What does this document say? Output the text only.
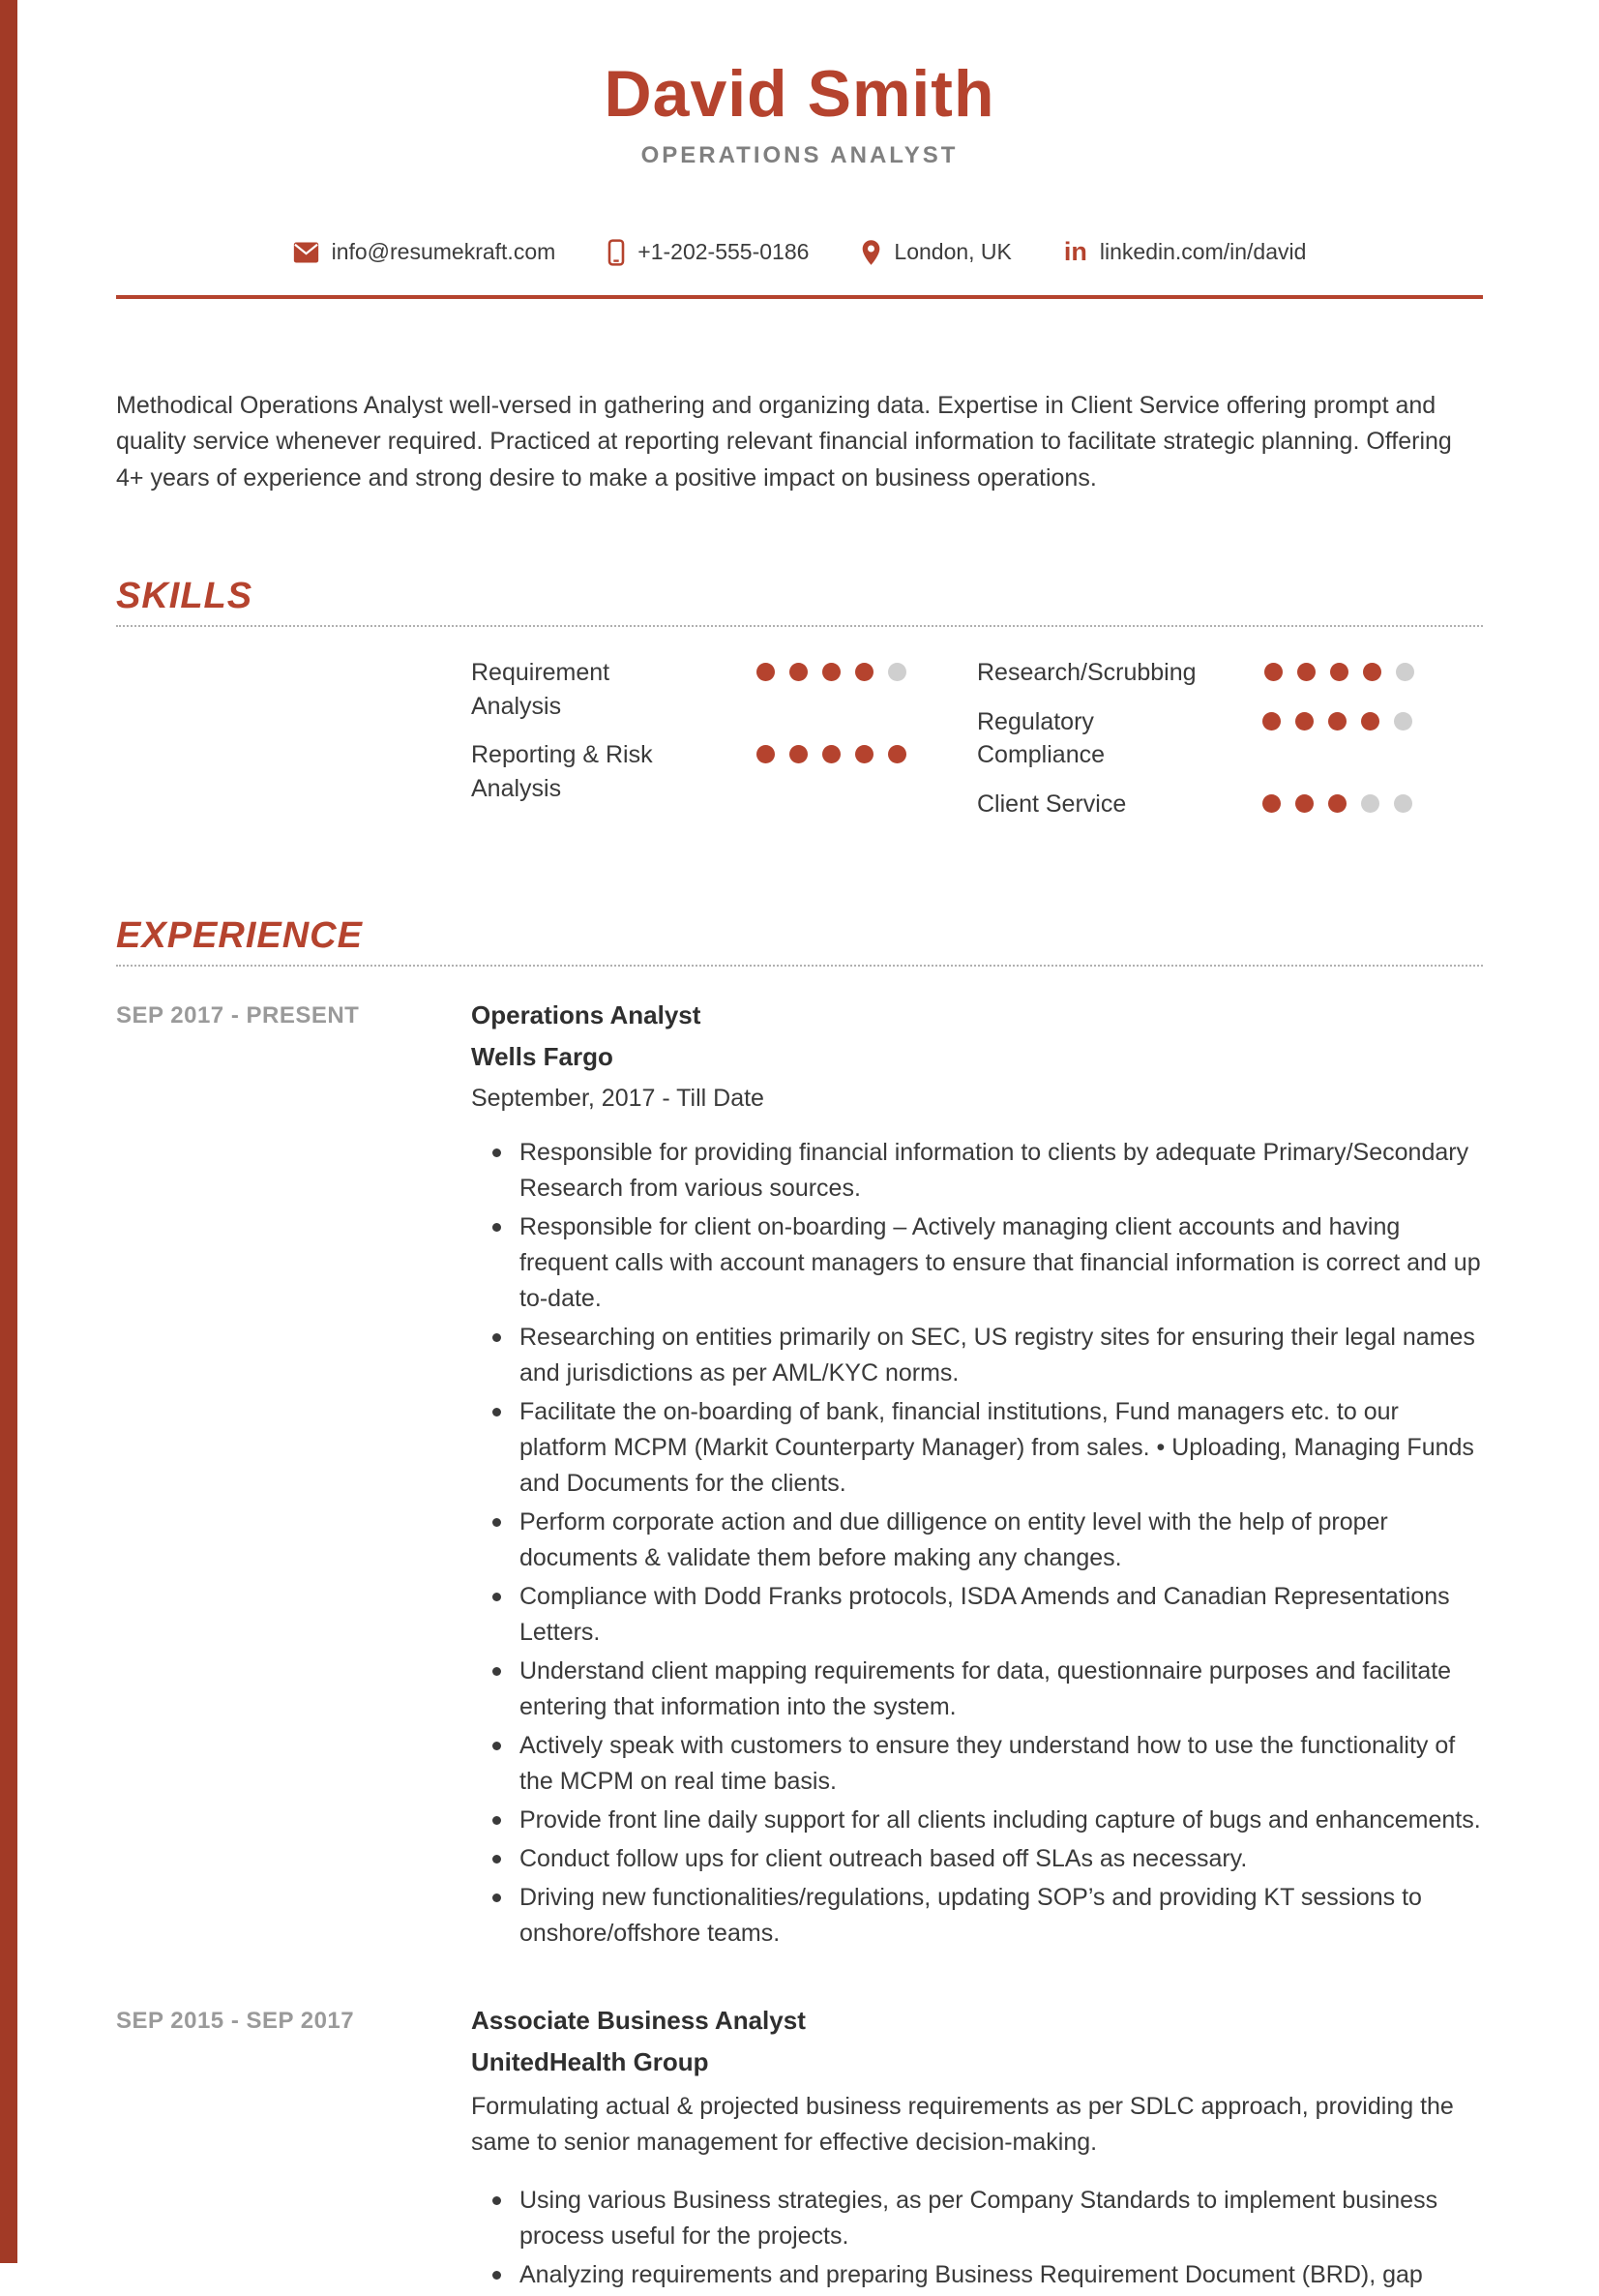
David Smith
OPERATIONS ANALYST
info@resumekraft.com	+1-202-555-0186	London, UK in linkedin.com/in/david

Methodical Operations Analyst well-versed in gathering and organizing data. Expertise in Client Service offering prompt and quality service whenever required. Practiced at reporting relevant financial information to facilitate strategic planning. Offering 4+ years of experience and strong desire to make a positive impact on business operations.

SKILLS
Requirement Analysis
Reporting & Risk Analysis
Research/Scrubbing
Regulatory Compliance
Client Service
EXPERIENCE
SEP 2017 - PRESENT	Operations Analyst
Wells Fargo
September, 2017 - Till Date
Responsible for providing financial information to clients by adequate Primary/Secondary Research from various sources.
Responsible for client on-boarding – Actively managing client accounts and having frequent calls with account managers to ensure that financial information is correct and up to-date.
Researching on entities primarily on SEC, US registry sites for ensuring their legal names and jurisdictions as per AML/KYC norms.
Facilitate the on-boarding of bank, financial institutions, Fund managers etc. to our platform MCPM (Markit Counterparty Manager) from sales. • Uploading, Managing Funds and Documents for the clients.
Perform corporate action and due dilligence on entity level with the help of proper documents & validate them before making any changes.
Compliance with Dodd Franks protocols, ISDA Amends and Canadian Representations Letters.
Understand client mapping requirements for data, questionnaire purposes and facilitate entering that information into the system.
Actively speak with customers to ensure they understand how to use the functionality of the MCPM on real time basis.
Provide front line daily support for all clients including capture of bugs and enhancements.
Conduct follow ups for client outreach based off SLAs as necessary.
Driving new functionalities/regulations, updating SOP’s and providing KT sessions to onshore/offshore teams.
SEP 2015 - SEP 2017	Associate Business Analyst
UnitedHealth Group

Formulating actual & projected business requirements as per SDLC approach, providing the same to senior management for effective decision-making.

Using various Business strategies, as per Company Standards to implement business process useful for the projects.
Analyzing requirements and preparing Business Requirement Document (BRD), gap
